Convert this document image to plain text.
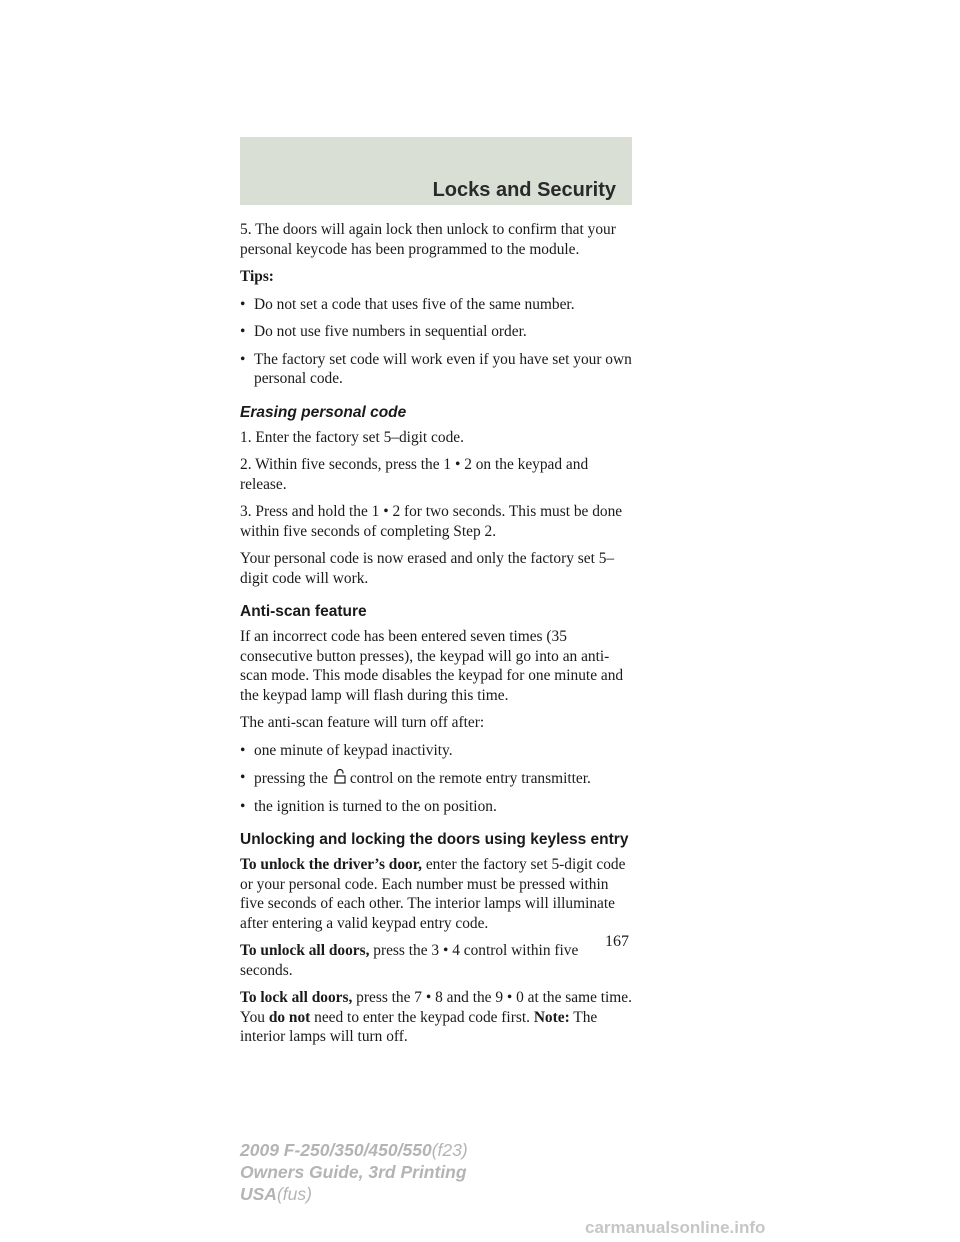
Locks and Security

5. The doors will again lock then unlock to confirm that your personal keycode has been programmed to the module.

Tips:

• Do not set a code that uses five of the same number.
• Do not use five numbers in sequential order.
• The factory set code will work even if you have set your own personal code.
Erasing personal code

1. Enter the factory set 5–digit code.

2. Within five seconds, press the 1 • 2 on the keypad and release.

3. Press and hold the 1 • 2 for two seconds. This must be done within five seconds of completing Step 2.

Your personal code is now erased and only the factory set 5–digit code will work.

Anti-scan feature

If an incorrect code has been entered seven times (35 consecutive button presses), the keypad will go into an anti-scan mode. This mode disables the keypad for one minute and the keypad lamp will flash during this time.

The anti-scan feature will turn off after:

• one minute of keypad inactivity.
• pressing the control on the remote entry transmitter.
• the ignition is turned to the on position.
Unlocking and locking the doors using keyless entry

To unlock the driver’s door, enter the factory set 5-digit code or your personal code. Each number must be pressed within five seconds of each other. The interior lamps will illuminate after entering a valid keypad entry code.

To unlock all doors, press the 3 • 4 control within five seconds.

To lock all doors, press the 7 • 8 and the 9 • 0 at the same time. You do not need to enter the keypad code first. Note: The interior lamps will turn off.

167
2009 F-250/350/450/550(f23)
Owners Guide, 3rd Printing
USA(fus)
carmanualsonline.info
